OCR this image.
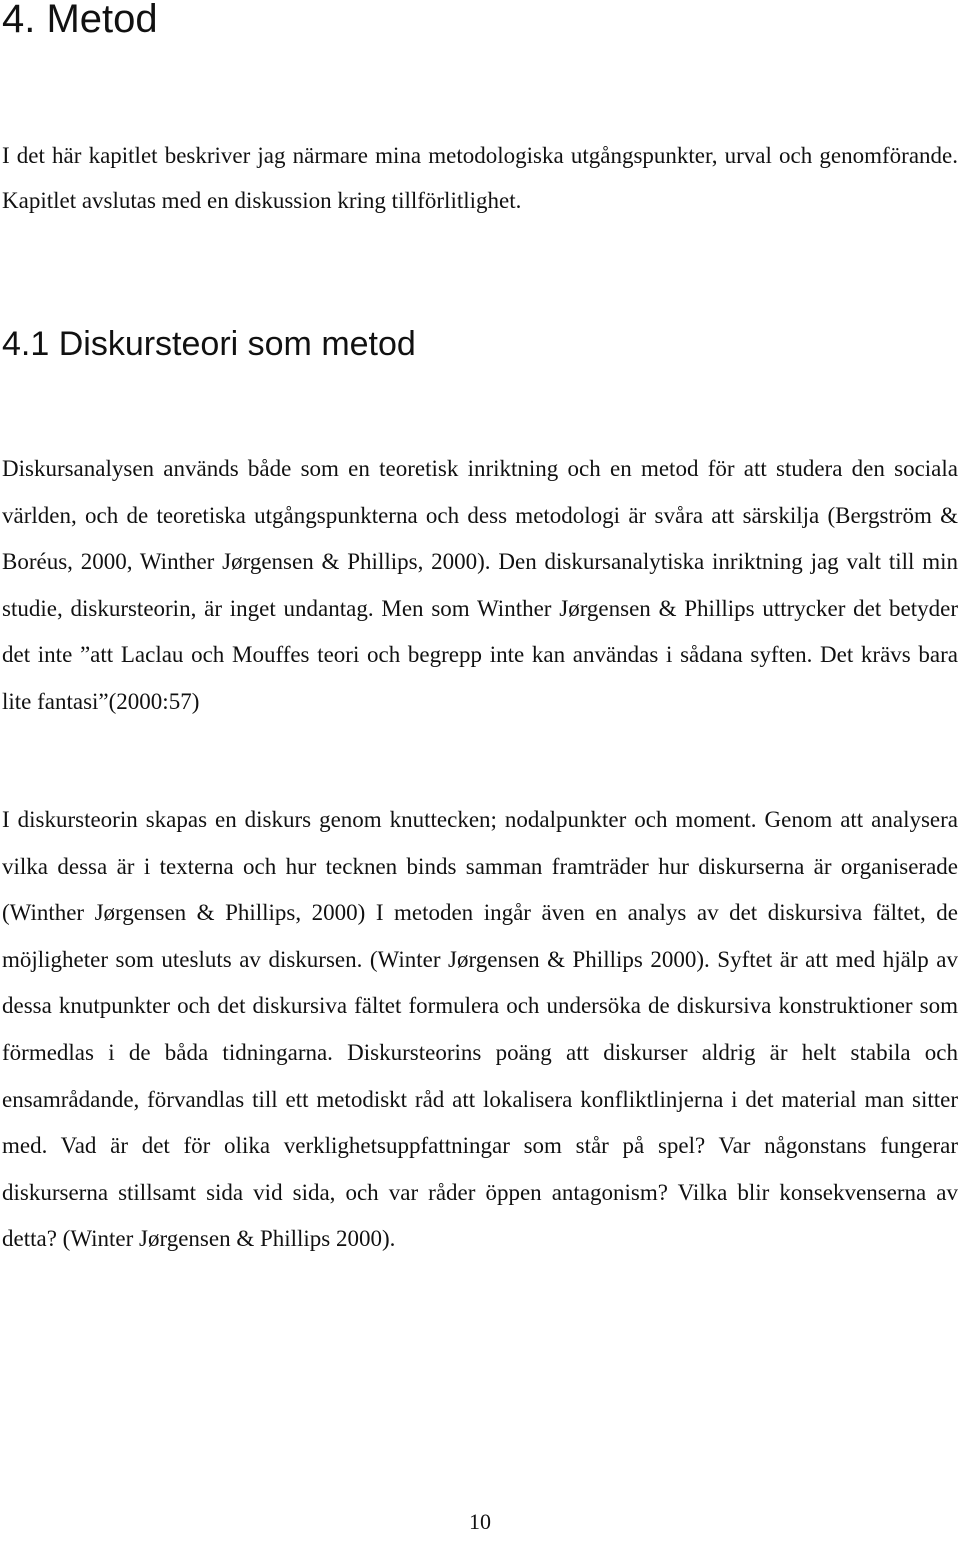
4. Metod

I det här kapitlet beskriver jag närmare mina metodologiska utgångspunkter, urval och genomförande. Kapitlet avslutas med en diskussion kring tillförlitlighet.

4.1 Diskursteori som metod

Diskursanalysen används både som en teoretisk inriktning och en metod för att studera den sociala världen, och de teoretiska utgångspunkterna och dess metodologi är svåra att särskilja (Bergström & Boréus, 2000, Winther Jørgensen & Phillips, 2000). Den diskursanalytiska inriktning jag valt till min studie, diskursteorin, är inget undantag. Men som Winther Jørgensen & Phillips uttrycker det betyder det inte ”att Laclau och Mouffes teori och begrepp inte kan användas i sådana syften. Det krävs bara lite fantasi”(2000:57)

I diskursteorin skapas en diskurs genom knuttecken; nodalpunkter och moment. Genom att analysera vilka dessa är i texterna och hur tecknen binds samman framträder hur diskurserna är organiserade (Winther Jørgensen & Phillips, 2000) I metoden ingår även en analys av det diskursiva fältet, de möjligheter som utesluts av diskursen. (Winter Jørgensen & Phillips 2000). Syftet är att med hjälp av dessa knutpunkter och det diskursiva fältet formulera och undersöka de diskursiva konstruktioner som förmedlas i de båda tidningarna. Diskursteorins poäng att diskurser aldrig är helt stabila och ensamrådande, förvandlas till ett metodiskt råd att lokalisera konfliktlinjerna i det material man sitter med. Vad är det för olika verklighetsuppfattningar som står på spel? Var någonstans fungerar diskurserna stillsamt sida vid sida, och var råder öppen antagonism? Vilka blir konsekvenserna av detta? (Winter Jørgensen & Phillips 2000).

10
